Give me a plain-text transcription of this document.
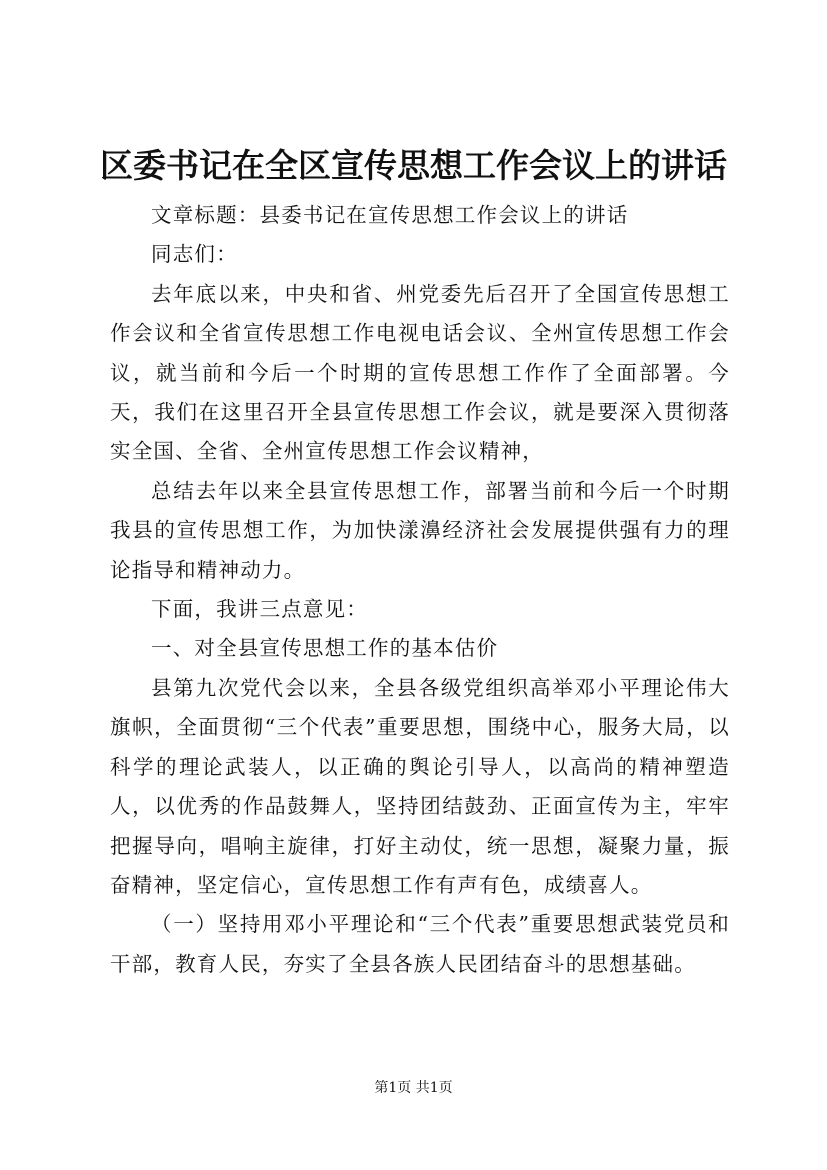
区委书记在全区宣传思想工作会议上的讲话

文章标题：县委书记在宣传思想工作会议上的讲话

同志们：

去年底以来，中央和省、州党委先后召开了全国宣传思想工作会议和全省宣传思想工作电视电话会议、全州宣传思想工作会议，就当前和今后一个时期的宣传思想工作作了全面部署。今天，我们在这里召开全县宣传思想工作会议，就是要深入贯彻落实全国、全省、全州宣传思想工作会议精神，

总结去年以来全县宣传思想工作，部署当前和今后一个时期我县的宣传思想工作，为加快漾濞经济社会发展提供强有力的理论指导和精神动力。

下面，我讲三点意见：

一、对全县宣传思想工作的基本估价

县第九次党代会以来，全县各级党组织高举邓小平理论伟大旗帜，全面贯彻“三个代表”重要思想，围绕中心，服务大局，以科学的理论武装人，以正确的舆论引导人，以高尚的精神塑造人，以优秀的作品鼓舞人，坚持团结鼓劲、正面宣传为主，牢牢把握导向，唱响主旋律，打好主动仗，统一思想，凝聚力量，振奋精神，坚定信心，宣传思想工作有声有色，成绩喜人。

（一）坚持用邓小平理论和“三个代表”重要思想武装党员和干部，教育人民，夯实了全县各族人民团结奋斗的思想基础。

第1页 共1页
